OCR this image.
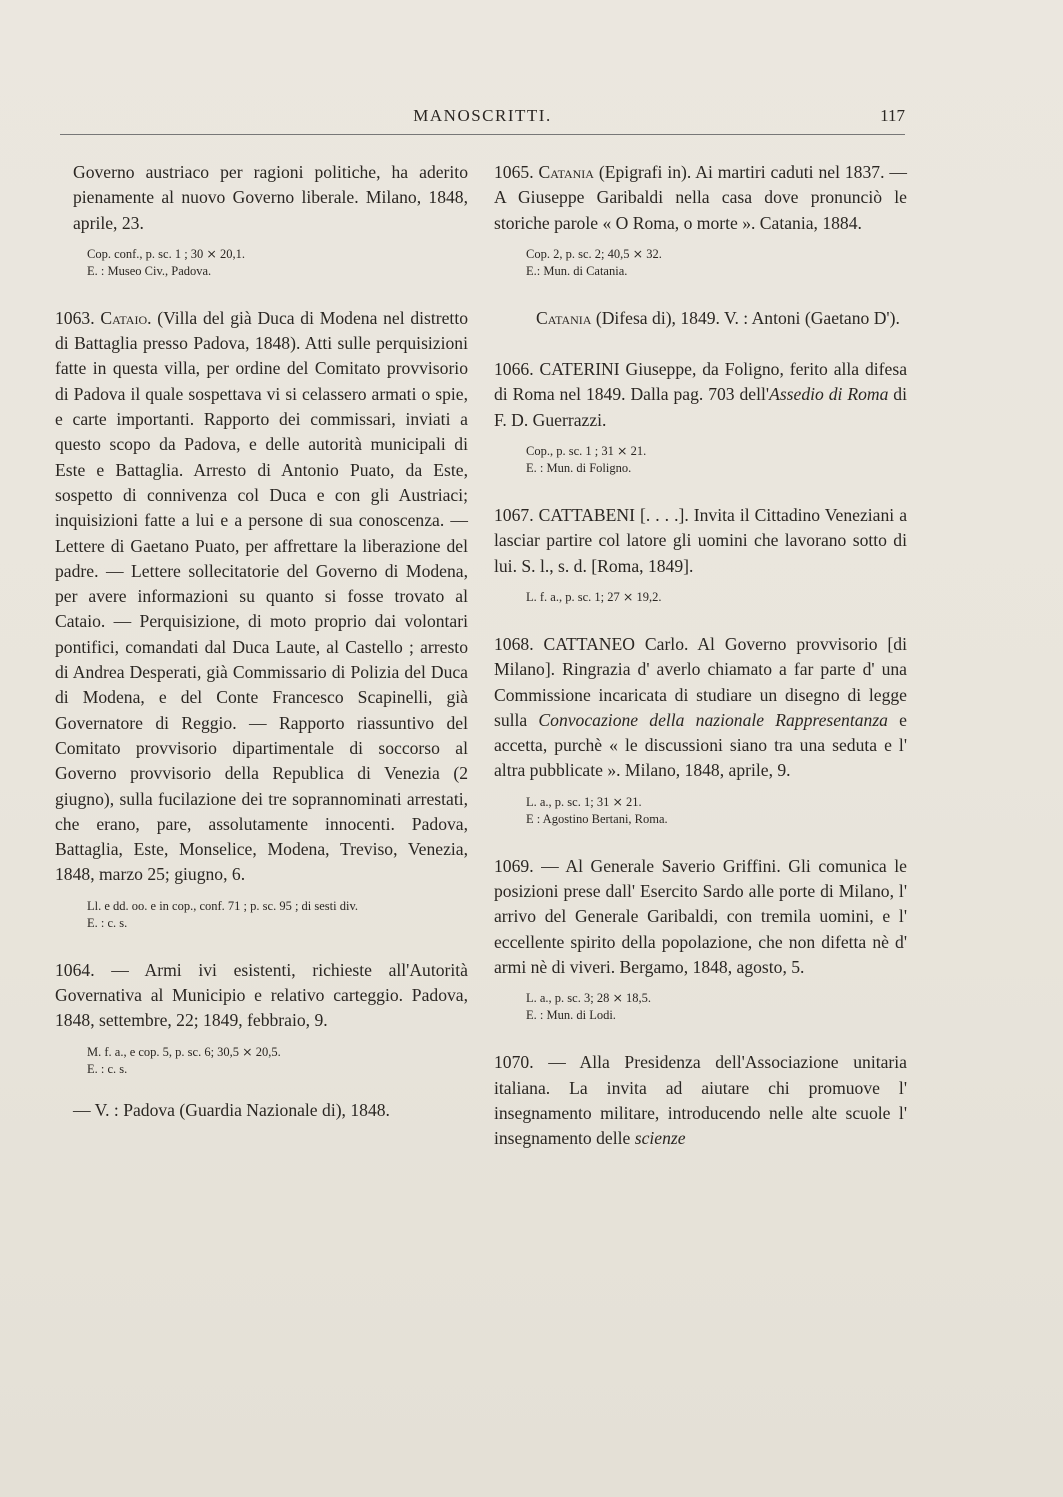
MANOSCRITTI.	117

Governo austriaco per ragioni politiche, ha aderito pienamente al nuovo Governo liberale. Milano, 1848, aprile, 23.

Cop. conf., p. sc. 1 ; 30 ⨯ 20,1.
E. : Museo Civ., Padova.

1063. Cataio. (Villa del già Duca di Modena nel distretto di Battaglia presso Padova, 1848). Atti sulle perquisizioni fatte in questa villa, per ordine del Comitato provvisorio di Padova il quale sospettava vi si celassero armati o spie, e carte importanti. Rapporto dei commissari, inviati a questo scopo da Padova, e delle autorità municipali di Este e Battaglia. Arresto di Antonio Puato, da Este, sospetto di connivenza col Duca e con gli Austriaci; inquisizioni fatte a lui e a persone di sua conoscenza. — Lettere di Gaetano Puato, per affrettare la liberazione del padre. — Lettere sollecitatorie del Governo di Modena, per avere informazioni su quanto si fosse trovato al Cataio. — Perquisizione, di moto proprio dai volontari pontifici, comandati dal Duca Laute, al Castello ; arresto di Andrea Desperati, già Commissario di Polizia del Duca di Modena, e del Conte Francesco Scapinelli, già Governatore di Reggio. — Rapporto riassuntivo del Comitato provvisorio dipartimentale di soccorso al Governo provvisorio della Republica di Venezia (2 giugno), sulla fucilazione dei tre soprannominati arrestati, che erano, pare, assolutamente innocenti. Padova, Battaglia, Este, Monselice, Modena, Treviso, Venezia, 1848, marzo 25; giugno, 6.

Ll. e dd. oo. e in cop., conf. 71 ; p. sc. 95 ; di sesti div.
E. : c. s.

1064. — Armi ivi esistenti, richieste all'Autorità Governativa al Municipio e relativo carteggio. Padova, 1848, settembre, 22; 1849, febbraio, 9.

M. f. a., e cop. 5, p. sc. 6; 30,5 ⨯ 20,5.
E. : c. s.

— V. : Padova (Guardia Nazionale di), 1848.

1065. Catania (Epigrafi in). Ai martiri caduti nel 1837. — A Giuseppe Garibaldi nella casa dove pronunciò le storiche parole « O Roma, o morte ». Catania, 1884.

Cop. 2, p. sc. 2; 40,5 ⨯ 32.
E.: Mun. di Catania.

Catania (Difesa di), 1849. V. : Antoni (Gaetano D').

1066. CATERINI Giuseppe, da Foligno, ferito alla difesa di Roma nel 1849. Dalla pag. 703 dell'Assedio di Roma di F. D. Guerrazzi.

Cop., p. sc. 1 ; 31 ⨯ 21.
E. : Mun. di Foligno.

1067. CATTABENI [. . . .]. Invita il Cittadino Veneziani a lasciar partire col latore gli uomini che lavorano sotto di lui. S. l., s. d. [Roma, 1849].

L. f. a., p. sc. 1; 27 ⨯ 19,2.

1068. CATTANEO Carlo. Al Governo provvisorio [di Milano]. Ringrazia d' averlo chiamato a far parte d' una Commissione incaricata di studiare un disegno di legge sulla Convocazione della nazionale Rappresentanza e accetta, purchè « le discussioni siano tra una seduta e l' altra pubblicate ». Milano, 1848, aprile, 9.

L. a., p. sc. 1; 31 ⨯ 21.
E : Agostino Bertani, Roma.

1069. — Al Generale Saverio Griffini. Gli comunica le posizioni prese dall' Esercito Sardo alle porte di Milano, l' arrivo del Generale Garibaldi, con tremila uomini, e l' eccellente spirito della popolazione, che non difetta nè d' armi nè di viveri. Bergamo, 1848, agosto, 5.

L. a., p. sc. 3; 28 ⨯ 18,5.
E. : Mun. di Lodi.

1070. — Alla Presidenza dell'Associazione unitaria italiana. La invita ad aiutare chi promuove l' insegnamento militare, introducendo nelle alte scuole l' insegnamento delle scienze
